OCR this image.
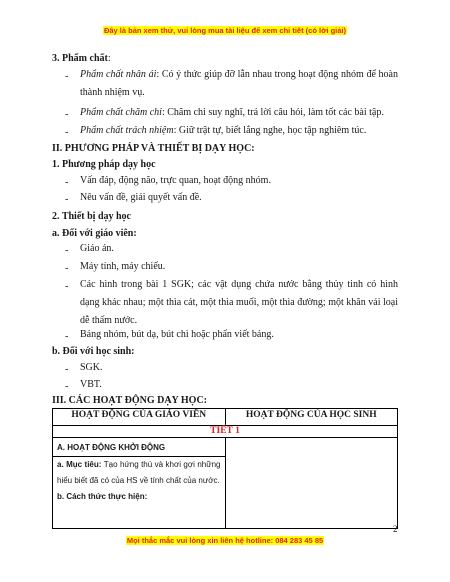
Đây là bản xem thử, vui lòng mua tài liệu để xem chi tiết (có lời giải)
3. Phẩm chất:
- Phẩm chất nhân ái: Có ý thức giúp đỡ lẫn nhau trong hoạt động nhóm để hoàn thành nhiệm vụ.
- Phẩm chất chăm chỉ: Chăm chỉ suy nghĩ, trả lời câu hỏi, làm tốt các bài tập.
- Phẩm chất trách nhiệm: Giữ trật tự, biết lắng nghe, học tập nghiêm túc.
II. PHƯƠNG PHÁP VÀ THIẾT BỊ DẠY HỌC:
1. Phương pháp dạy học
- Vấn đáp, động não, trực quan, hoạt động nhóm.
- Nêu vấn đề, giải quyết vấn đề.
2. Thiết bị dạy học
a. Đối với giáo viên:
- Giáo án.
- Máy tính, máy chiếu.
- Các hình trong bài 1 SGK; các vật dụng chứa nước bằng thủy tinh có hình dạng khác nhau; một thìa cát, một thìa muối, một thìa đường; một khăn vải loại dễ thấm nước.
- Bảng nhóm, bút dạ, bút chì hoặc phấn viết bảng.
b. Đối với học sinh:
- SGK.
- VBT.
III. CÁC HOẠT ĐỘNG DẠY HỌC:
HOẠT ĐỘNG CỦA GIÁO VIÊN	HOẠT ĐỘNG CỦA HỌC SINH
TIẾT 1	

A. HOẠT ĐỘNG KHỞI ĐỘNG
a. Mục tiêu: Tạo hứng thú và khơi gợi những hiểu biết đã có của HS về tính chất của nước.
b. Cách thức thực hiện:	

2
Mọi thắc mắc vui lòng xin liên hệ hotline: 084 283 45 85
